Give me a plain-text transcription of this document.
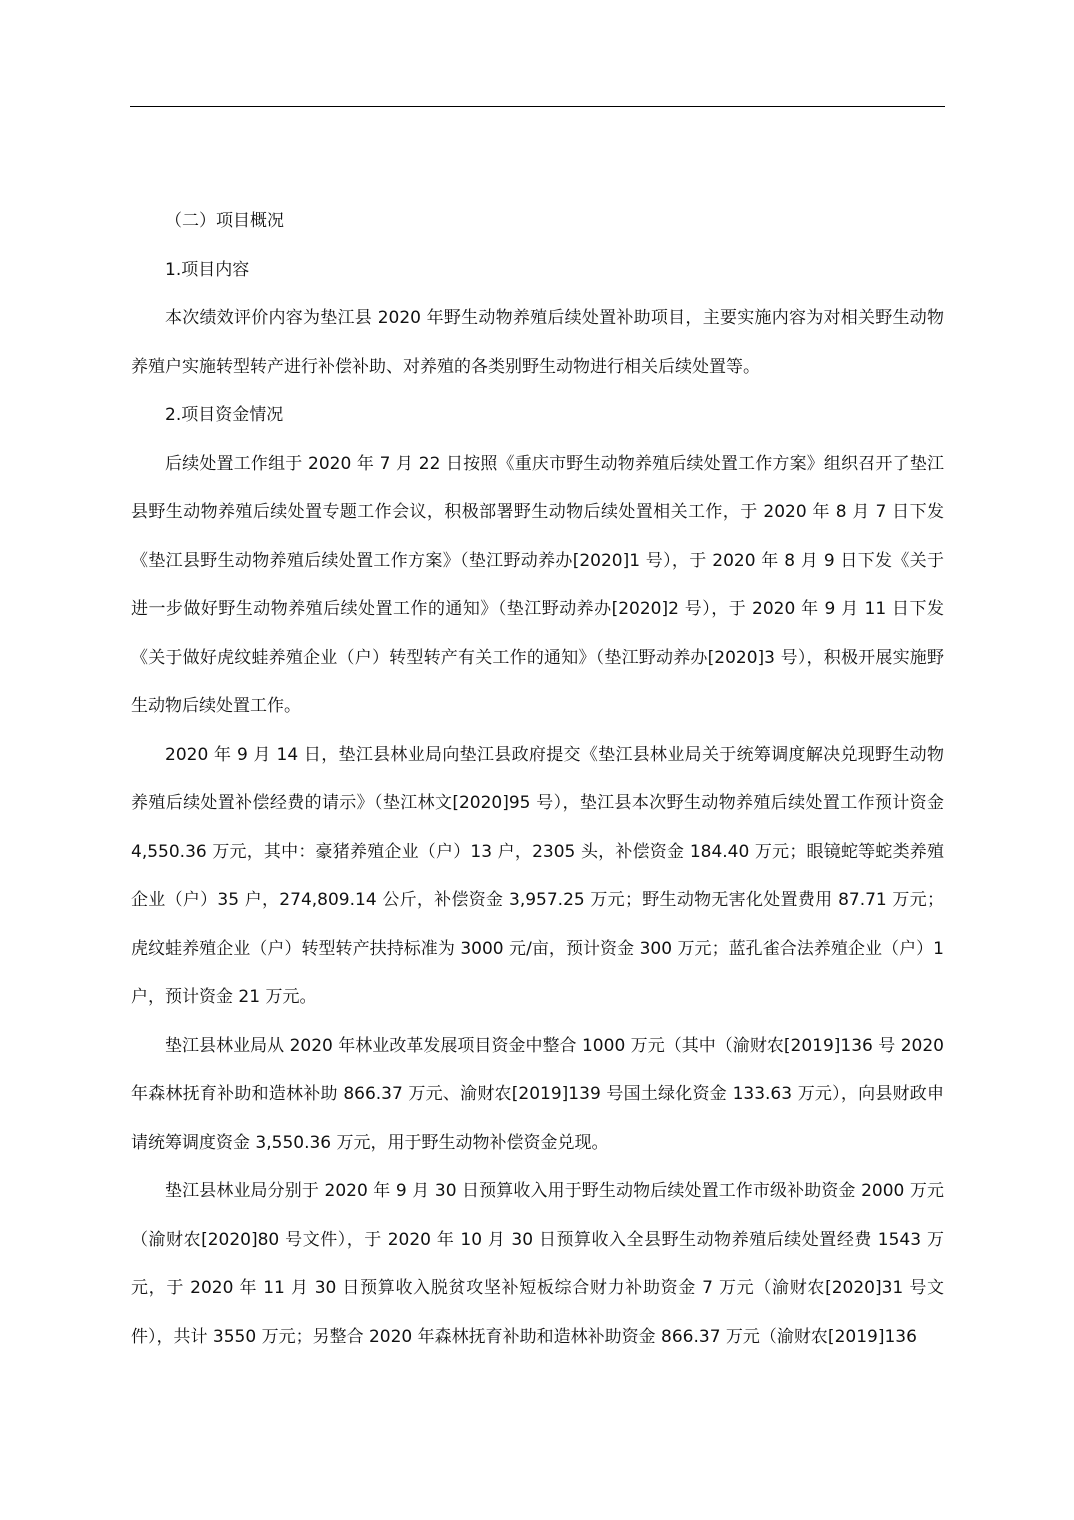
（二）项目概况

1.项目内容

本次绩效评价内容为垫江县 2020 年野生动物养殖后续处置补助项目，主要实施内容为对相关野生动物养殖户实施转型转产进行补偿补助、对养殖的各类别野生动物进行相关后续处置等。

2.项目资金情况

后续处置工作组于 2020 年 7 月 22 日按照《重庆市野生动物养殖后续处置工作方案》组织召开了垫江县野生动物养殖后续处置专题工作会议，积极部署野生动物后续处置相关工作，于 2020 年 8 月 7 日下发《垫江县野生动物养殖后续处置工作方案》（垫江野动养办[2020]1 号），于 2020 年 8 月 9 日下发《关于进一步做好野生动物养殖后续处置工作的通知》（垫江野动养办[2020]2 号），于 2020 年 9 月 11 日下发《关于做好虎纹蛙养殖企业（户）转型转产有关工作的通知》（垫江野动养办[2020]3 号），积极开展实施野生动物后续处置工作。

2020 年 9 月 14 日，垫江县林业局向垫江县政府提交《垫江县林业局关于统筹调度解决兑现野生动物养殖后续处置补偿经费的请示》（垫江林文[2020]95 号），垫江县本次野生动物养殖后续处置工作预计资金 4,550.36 万元，其中：豪猪养殖企业（户）13 户，2305 头，补偿资金 184.40 万元；眼镜蛇等蛇类养殖企业（户）35 户，274,809.14 公斤，补偿资金 3,957.25 万元；野生动物无害化处置费用 87.71 万元；虎纹蛙养殖企业（户）转型转产扶持标准为 3000 元/亩，预计资金 300 万元；蓝孔雀合法养殖企业（户）1 户，预计资金 21 万元。

垫江县林业局从 2020 年林业改革发展项目资金中整合 1000 万元（其中（渝财农[2019]136 号 2020 年森林抚育补助和造林补助 866.37 万元、渝财农[2019]139 号国土绿化资金 133.63 万元），向县财政申请统筹调度资金 3,550.36 万元，用于野生动物补偿资金兑现。

垫江县林业局分别于 2020 年 9 月 30 日预算收入用于野生动物后续处置工作市级补助资金 2000 万元（渝财农[2020]80 号文件），于 2020 年 10 月 30 日预算收入全县野生动物养殖后续处置经费 1543 万元，于 2020 年 11 月 30 日预算收入脱贫攻坚补短板综合财力补助资金 7 万元（渝财农[2020]31 号文件），共计 3550 万元；另整合 2020 年森林抚育补助和造林补助资金 866.37 万元（渝财农[2019]136
